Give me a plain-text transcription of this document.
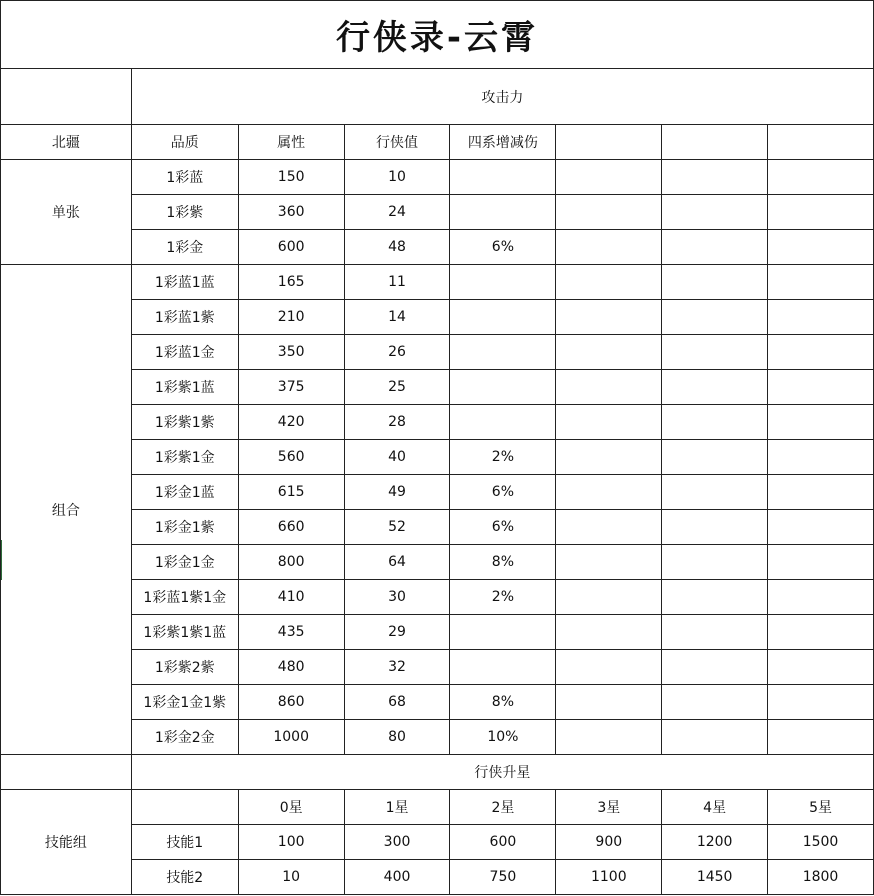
行侠录-云霄							
	攻击力						
北疆	品质	属性	行侠值	四系增减伤			
单张	1彩蓝	150	10				
	1彩紫	360	24				
	1彩金	600	48	6%			
组合	1彩蓝1蓝	165	11				
	1彩蓝1紫	210	14				
	1彩蓝1金	350	26				
	1彩紫1蓝	375	25				
	1彩紫1紫	420	28				
	1彩紫1金	560	40	2%			
	1彩金1蓝	615	49	6%			
	1彩金1紫	660	52	6%			
	1彩金1金	800	64	8%			
	1彩蓝1紫1金	410	30	2%			
	1彩紫1紫1蓝	435	29				
	1彩紫2紫	480	32				
	1彩金1金1紫	860	68	8%			
	1彩金2金	1000	80	10%			
	行侠升星						
技能组		0星	1星	2星	3星	4星	5星
	技能1	100	300	600	900	1200	1500
	技能2	10	400	750	1100	1450	1800
